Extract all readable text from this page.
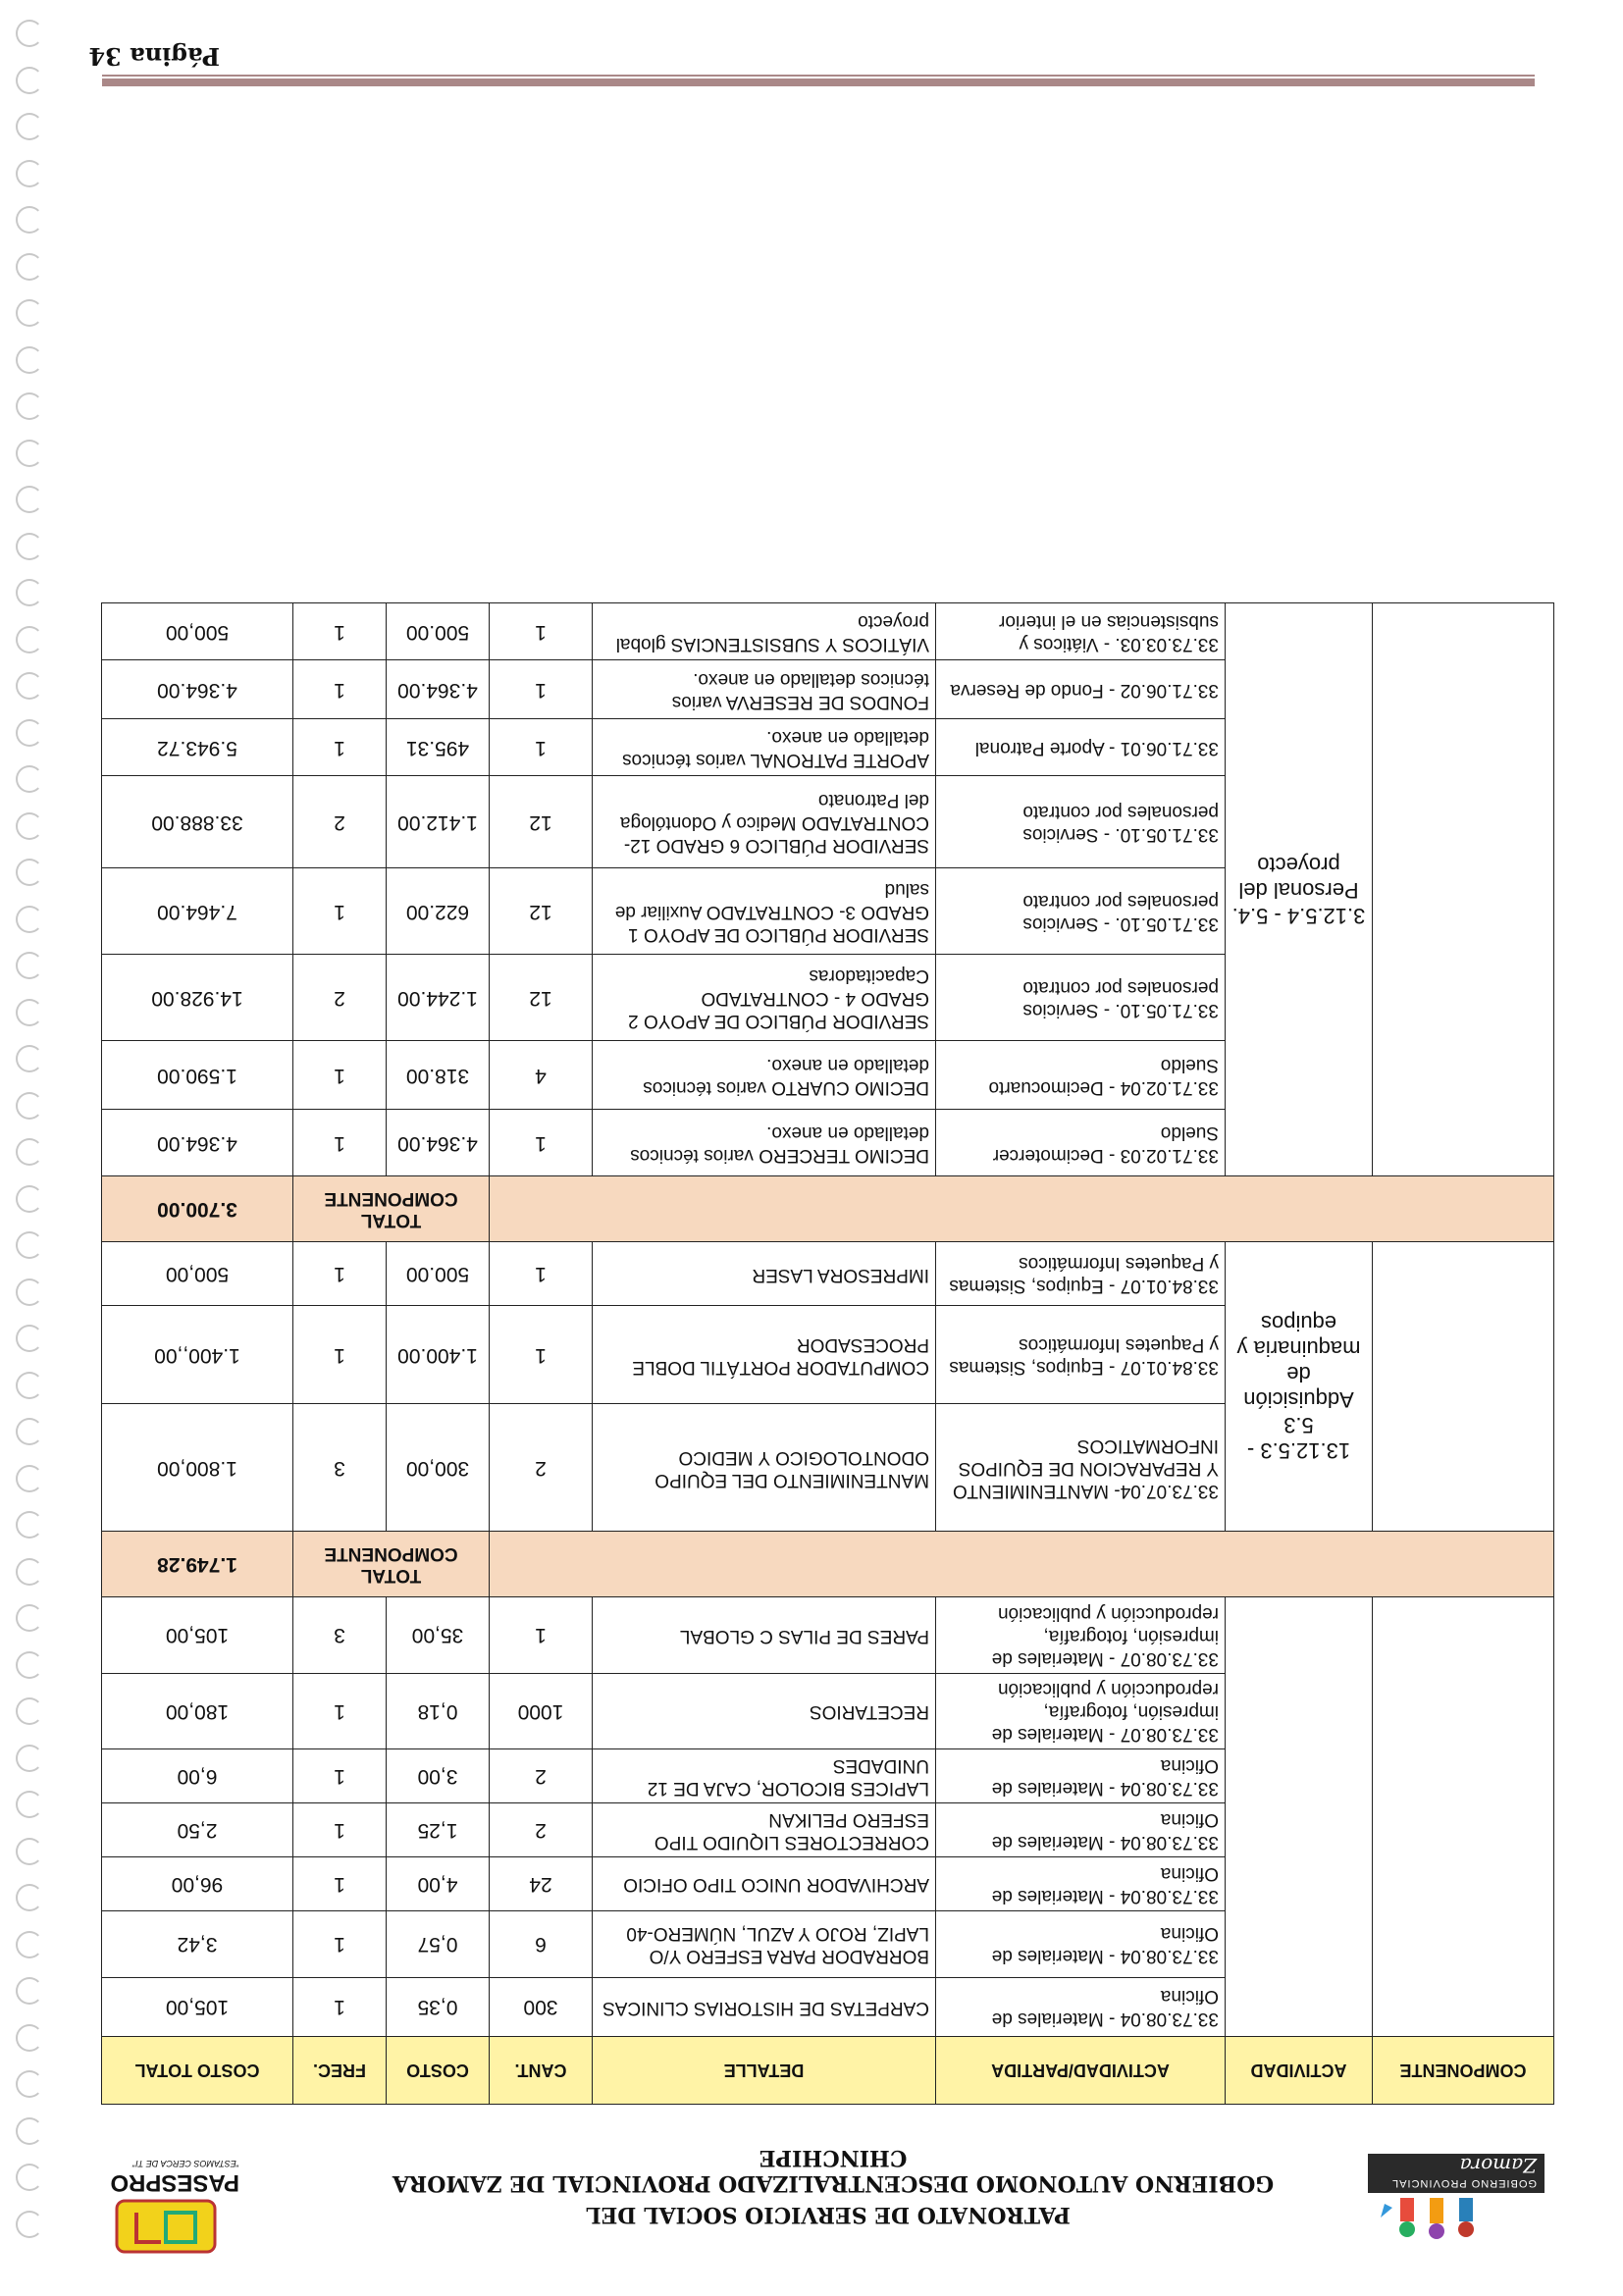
GOBIERNO PROVINCIAL
Zamora Chinchipe
PATRONATO DE SERVICIO SOCIAL DEL
GOBIERNO AUTONOMO DESCENTRALIZADO PROVINCIAL DE ZAMORA CHINCHIPE
PASESPRO
"ESTAMOS CERCA DE TI"
COMPONENTE	ACTIVIDAD	ACTIVIDAD/PARTIDA	DETALLE	CANT.	COSTO	FREC.	COSTO TOTAL
		33.73.08.04 - Materiales de Oficina	CARPETAS DE HISTORIAS CLINICAS	300	0,35	1	105,00
		33.73.08.04 - Materiales de Oficina	BORRADOR PARA ESFERO Y/O LAPIZ, ROJO Y AZUL, NÚMERO-40	6	0,57	1	3,42
		33.73.08.04 - Materiales de Oficina	ARCHIVADOR UNICO TIPO OFICIO	24	4,00	1	96,00
		33.73.08.04 - Materiales de Oficina	CORRECTORES LIQUIDO TIPO ESFERO PELIKAN	2	1,25	1	2,50
		33.73.08.04 - Materiales de Oficina	LAPICES BICOLOR, CAJA DE 12 UNIDADES	2	3,00	1	6,00
		33.73.08.07 - Materiales de impresión, fotografía, reproducción y publicación	RECETARIOS	1000	0,18	1	180,00
		33.73.08.07 - Materiales de impresión, fotografía, reproducción y publicación	PARES DE PILAS C GLOBAL	1	35,00	3	105,00
					TOTAL COMPONENTE		1.749.28
	13.12.5.3 - 5.3 Adquisición de maquinaria y equipos	33.73.07.04- MANTENIMIENTO Y REPARACION DE EQUIPOS INFORMATICOS	MANTENIMIENTO DEL EQUIPO ODONTOLOGICO Y MEDICO	2	300,00	3	1.800,00
		33.84.01.07 - Equipos, Sistemas y Paquetes Informáticos	COMPUTADOR PORTÁTIL DOBLE PROCESADOR	1	1.400.00	1	1.400,,00
		33.84.01.07 - Equipos, Sistemas y Paquetes Informáticos	IMPRESORA LASER	1	500.00	1	500,00
					TOTAL COMPONENTE		3.700.00
	3.12.5.4 - 5.4. Personal del proyecto	33.71.02.03 - Decimotercer Sueldo	DECIMO TERCERO varios técnicos detallado en anexo.	1	4.364.00	1	4.364.00
		33.71.02.04 - Decimocuarto Sueldo	DECIMO CUARTO varios técnicos detallado en anexo.	4	318.00	1	1.590.00
		33.71.05.10. - Servicios personales por contrato	SERVIDOR PÚBLICO DE APOYO 2 GRADO 4 - CONTRATADO Capacitadoras	12	1.244.00	2	14.928.00
		33.71.05.10. - Servicios personales por contrato	SERVIDOR PÚBLICO DE APOYO 1 GRADO 3- CONTRATADO Auxiliar de salud	12	622.00	1	7.464.00
		33.71.05.10. - Servicios personales por contrato	SERVIDOR PÚBLICO 6 GRADO 12- CONTRATADO Medico y Odontóloga del Patronato	12	1.412.00	2	33.888.00
		33.71.06.01 - Aporte Patronal	APORTE PATRONAL varios técnicos detallado en anexo.	1	495.31	1	5.943.72
		33.71.06.02 - Fondo de Reserva	FONDOS DE RESERVA varios técnicos detallado en anexo.	1	4.364.00	1	4.364.00
		33.73.03.03. - Viáticos y subsistencias en el interior	VIÁTICOS Y SUBSISTENCIAS global proyecto	1	500.00	1	500,00
Página 34
